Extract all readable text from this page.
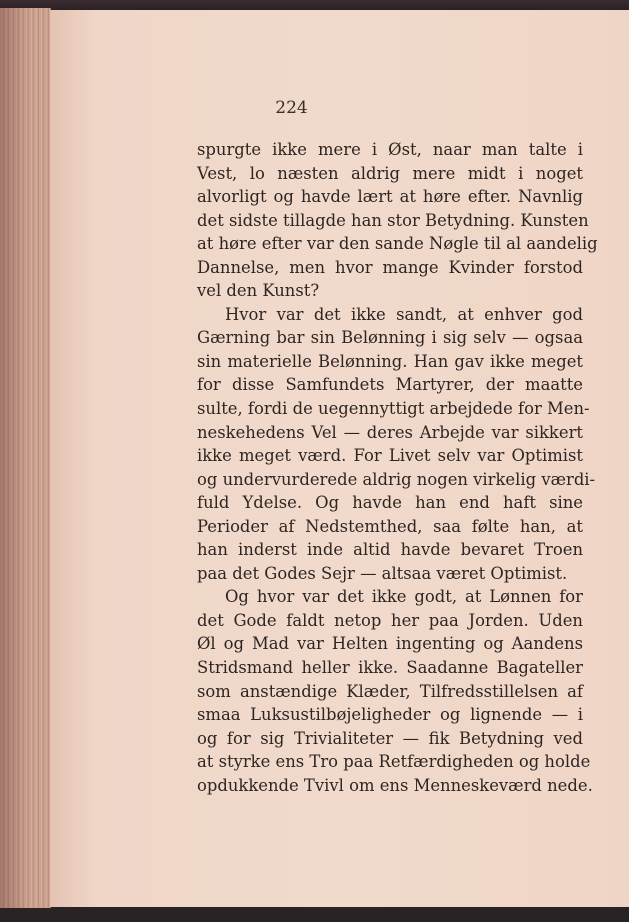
224
spurgte ikke mere i Øst, naar man talte i
Vest, lo næsten aldrig mere midt i noget
alvorligt og havde lært at høre efter. Navnlig
det sidste tillagde han stor Betydning. Kunsten
at høre efter var den sande Nøgle til al aandelig
Dannelse, men hvor mange Kvinder forstod
vel den Kunst?
Hvor var det ikke sandt, at enhver god
Gærning bar sin Belønning i sig selv — ogsaa
sin materielle Belønning. Han gav ikke meget
for disse Samfundets Martyrer, der maatte
sulte, fordi de uegennyttigt arbejdede for Men-
neskehedens Vel — deres Arbejde var sikkert
ikke meget værd. For Livet selv var Optimist
og undervurderede aldrig nogen virkelig værdi-
fuld Ydelse. Og havde han end haft sine
Perioder af Nedstemthed, saa følte han, at
han inderst inde altid havde bevaret Troen
paa det Godes Sejr — altsaa været Optimist.
Og hvor var det ikke godt, at Lønnen for
det Gode faldt netop her paa Jorden. Uden
Øl og Mad var Helten ingenting og Aandens
Stridsmand heller ikke. Saadanne Bagateller
som anstændige Klæder, Tilfredsstillelsen af
smaa Luksustilbøjeligheder og lignende — i
og for sig Trivialiteter — fik Betydning ved
at styrke ens Tro paa Retfærdigheden og holde
opdukkende Tvivl om ens Menneskeværd nede.
